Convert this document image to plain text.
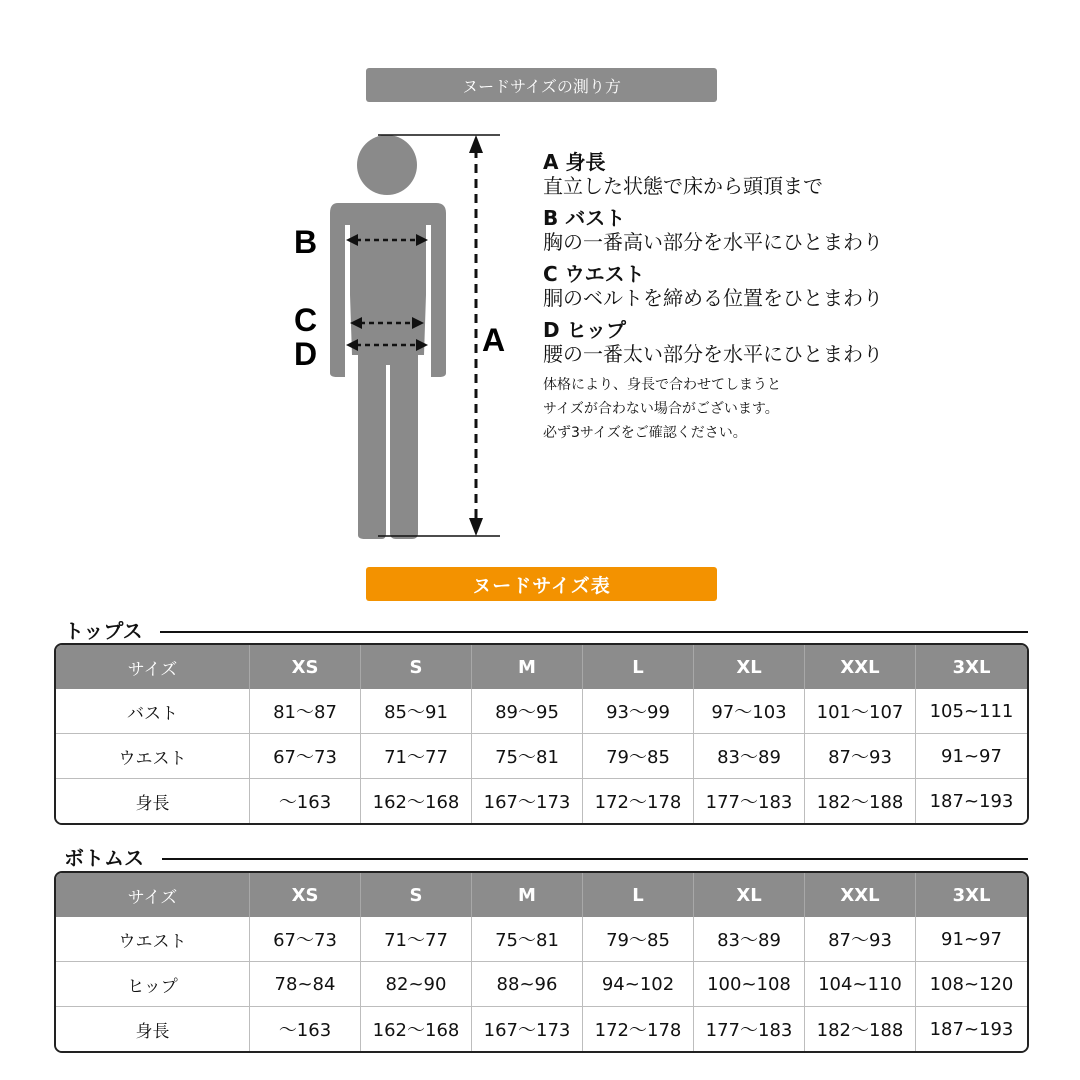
ヌードサイズの測り方
B
C
D	A
A 身長
直立した状態で床から頭頂まで
B バスト
胸の一番高い部分を水平にひとまわり
C ウエスト
胴のベルトを締める位置をひとまわり
D ヒップ
腰の一番太い部分を水平にひとまわり
体格により、身長で合わせてしまうと
サイズが合わない場合がございます。
必ず3サイズをご確認ください。
ヌードサイズ表
トップス
サイズ	XS	S	M	L	XL	XXL	3XL
バスト	81～87	85～91	89～95	93～99	97～103	101～107	105~111
ウエスト	67～73	71～77	75～81	79～85	83～89	87～93	91~97
身長	～163	162～168	167～173	172～178	177～183	182～188	187~193
ボトムス
サイズ	XS	S	M	L	XL	XXL	3XL
ウエスト	67～73	71～77	75～81	79～85	83～89	87～93	91~97
ヒップ	78~84	82~90	88~96	94~102	100~108	104~110	108~120
身長	～163	162～168	167～173	172～178	177～183	182～188	187~193
